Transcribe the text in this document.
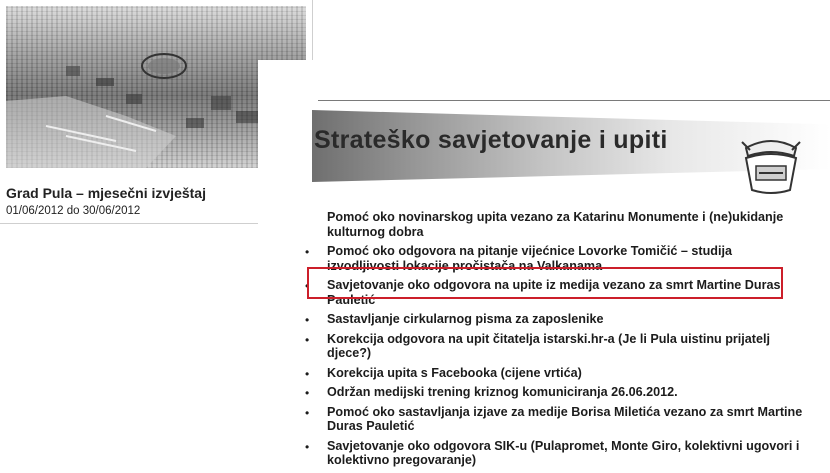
Grad Pula – mjesečni izvještaj
01/06/2012 do 30/06/2012
Strateško savjetovanje i upiti
Pomoć oko novinarskog upita vezano za Katarinu Monumente i (ne)ukidanje kulturnog dobra
• Pomoć oko odgovora na pitanje vijećnice Lovorke Tomičić – studija izvodljivosti lokacije pročistača na Valkanama
• Savjetovanje oko odgovora na upite iz medija vezano za smrt Martine Duras Pauletić
• Sastavljanje cirkularnog pisma za zaposlenike
• Korekcija odgovora na upit čitatelja istarski.hr-a (Je li Pula uistinu prijatelj djece?)
• Korekcija upita s Facebooka (cijene vrtića)
• Održan medijski trening kriznog komuniciranja 26.06.2012.
• Pomoć oko sastavljanja izjave za medije Borisa Miletića vezano za smrt Martine Duras Pauletić
• Savjetovanje oko odgovora SIK-u (Pulapromet, Monte Giro, kolektivni ugovori i kolektivno pregovaranje)
